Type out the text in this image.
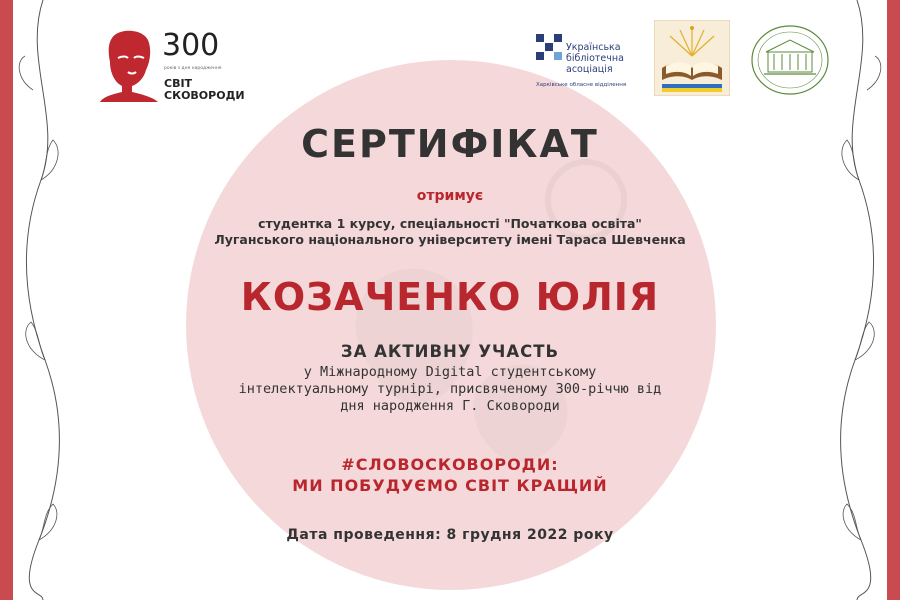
300
років з дня народження
СВІТ
СКОВОРОДИ
Українська
бібліотечна
асоціація
Харківське обласне відділення
СЕРТИФІКАТ
отримує
студентка 1 курсу, спеціальності "Початкова освіта"
Луганського національного університету імені Тараса Шевченка
КОЗАЧЕНКО ЮЛІЯ
ЗА АКТИВНУ УЧАСТЬ
у Міжнародному Digital студентському
інтелектуальному турнірі, присвяченому 300-річчю від
дня народження Г. Сковороди
#СЛОВОСКОВОРОДИ:
МИ ПОБУДУЄМО СВІТ КРАЩИЙ
Дата проведення: 8 грудня 2022 року
